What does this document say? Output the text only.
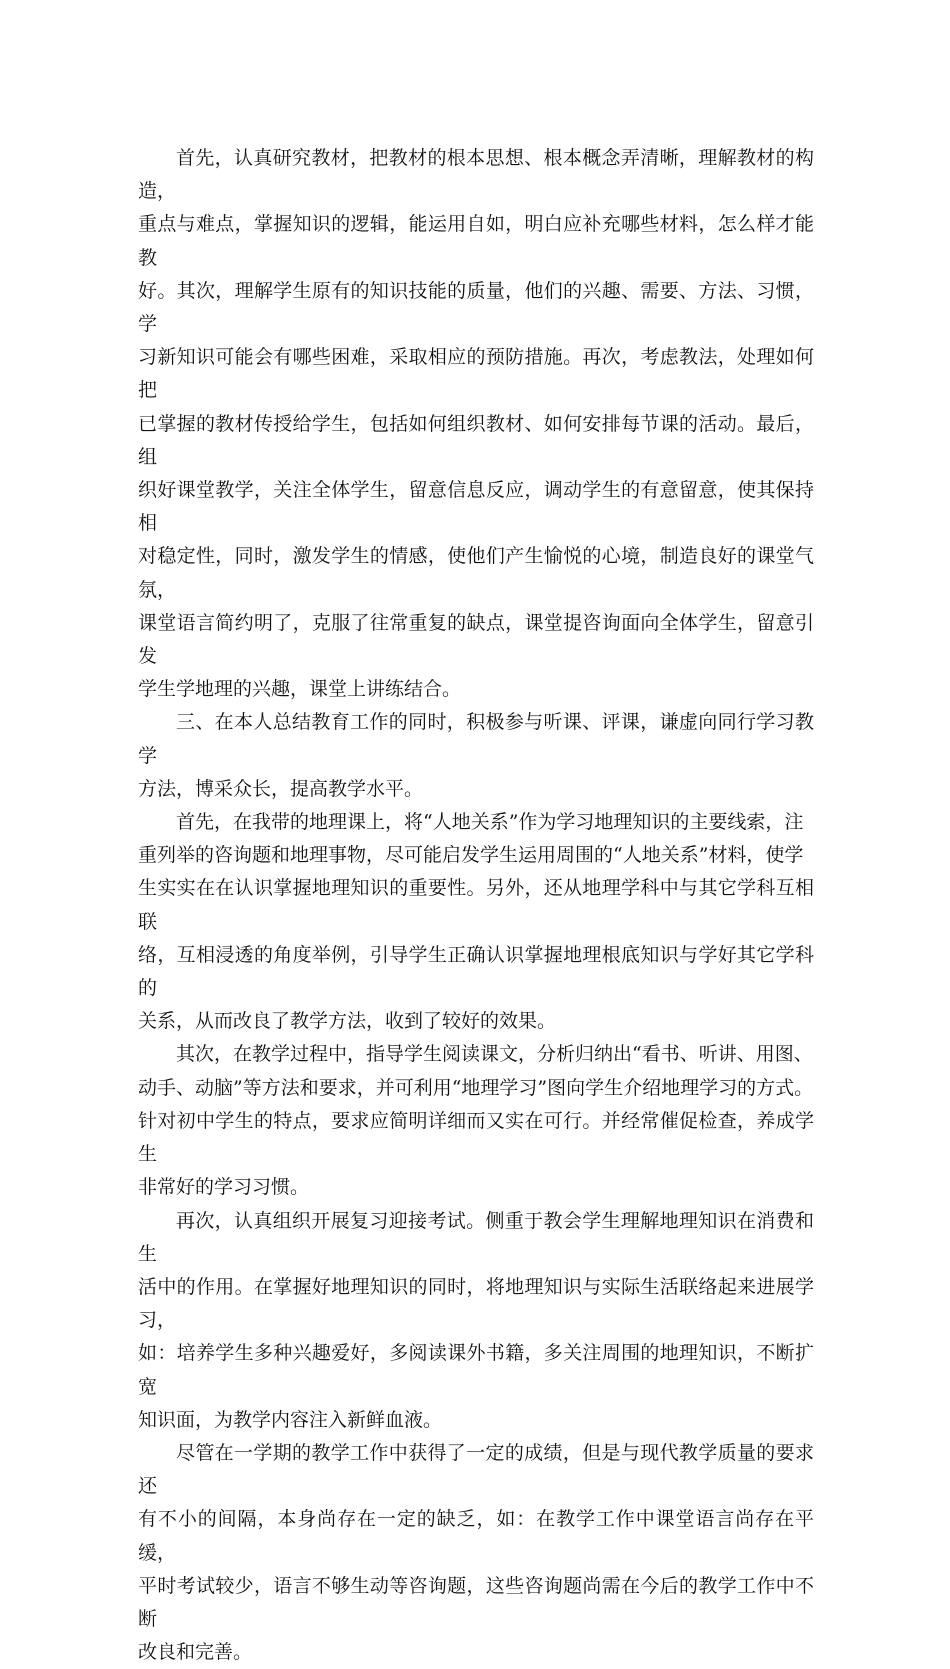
首先，认真研究教材，把教材的根本思想、根本概念弄清晰，理解教材的构造，
重点与难点，掌握知识的逻辑，能运用自如，明白应补充哪些材料，怎么样才能教
好。其次，理解学生原有的知识技能的质量，他们的兴趣、需要、方法、习惯，学
习新知识可能会有哪些困难，采取相应的预防措施。再次，考虑教法，处理如何把
已掌握的教材传授给学生，包括如何组织教材、如何安排每节课的活动。最后，组
织好课堂教学，关注全体学生，留意信息反应，调动学生的有意留意，使其保持相
对稳定性，同时，激发学生的情感，使他们产生愉悦的心境，制造良好的课堂气氛，
课堂语言简约明了，克服了往常重复的缺点，课堂提咨询面向全体学生，留意引发
学生学地理的兴趣，课堂上讲练结合。

三、在本人总结教育工作的同时，积极参与听课、评课，谦虚向同行学习教学
方法，博采众长，提高教学水平。

首先，在我带的地理课上，将“人地关系”作为学习地理知识的主要线索，注
重列举的咨询题和地理事物，尽可能启发学生运用周围的“人地关系”材料，使学
生实实在在认识掌握地理知识的重要性。另外，还从地理学科中与其它学科互相联
络，互相浸透的角度举例，引导学生正确认识掌握地理根底知识与学好其它学科的
关系，从而改良了教学方法，收到了较好的效果。

其次，在教学过程中，指导学生阅读课文，分析归纳出“看书、听讲、用图、
动手、动脑”等方法和要求，并可利用“地理学习”图向学生介绍地理学习的方式。
针对初中学生的特点，要求应简明详细而又实在可行。并经常催促检查，养成学生
非常好的学习习惯。

再次，认真组织开展复习迎接考试。侧重于教会学生理解地理知识在消费和生
活中的作用。在掌握好地理知识的同时，将地理知识与实际生活联络起来进展学习，
如：培养学生多种兴趣爱好，多阅读课外书籍，多关注周围的地理知识，不断扩宽
知识面，为教学内容注入新鲜血液。

尽管在一学期的教学工作中获得了一定的成绩，但是与现代教学质量的要求还
有不小的间隔，本身尚存在一定的缺乏，如：在教学工作中课堂语言尚存在平缓，
平时考试较少，语言不够生动等咨询题，这些咨询题尚需在今后的教学工作中不断
改良和完善。
